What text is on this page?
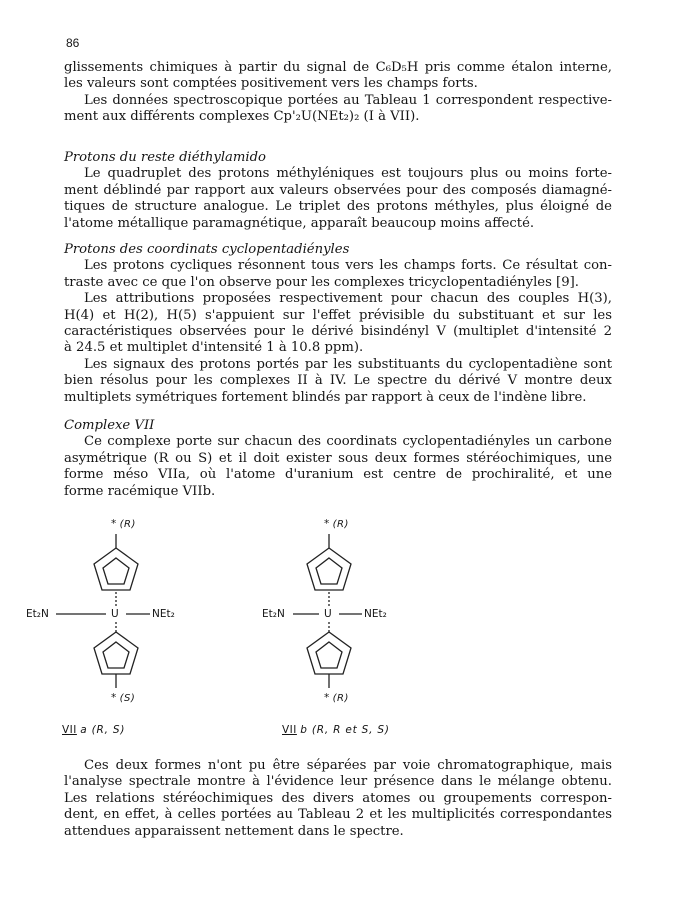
86
glissements chimiques à partir du signal de C₆D₅H pris comme étalon interne,
les valeurs sont comptées positivement vers les champs forts.
Les données spectroscopique portées au Tableau 1 correspondent respective-
ment aux différents complexes Cp'₂U(NEt₂)₂ (I à VII).
Protons du reste diéthylamido
Le quadruplet des protons méthyléniques est toujours plus ou moins forte-
ment déblindé par rapport aux valeurs observées pour des composés diamagné-
tiques de structure analogue. Le triplet des protons méthyles, plus éloigné de
l'atome métallique paramagnétique, apparaît beaucoup moins affecté.
Protons des coordinats cyclopentadiényles
Les protons cycliques résonnent tous vers les champs forts. Ce résultat con-
traste avec ce que l'on observe pour les complexes tricyclopentadiényles [9].
Les attributions proposées respectivement pour chacun des couples H(3),
H(4) et H(2), H(5) s'appuient sur l'effet prévisible du substituant et sur les
caractéristiques observées pour le dérivé bisindényl V (multiplet d'intensité 2
à 24.5 et multiplet d'intensité 1 à 10.8 ppm).
Les signaux des protons portés par les substituants du cyclopentadiène sont
bien résolus pour les complexes II à IV. Le spectre du dérivé V montre deux
multiplets symétriques fortement blindés par rapport à ceux de l'indène libre.
Complexe VII
Ce complexe porte sur chacun des coordinats cyclopentadiényles un carbone
asymétrique (R ou S) et il doit exister sous deux formes stéréochimiques, une
forme méso VIIa, où l'atome d'uranium est centre de prochiralité, et une
forme racémique VIIb.
* (R)
Et₂N	U	NEt₂
* (S)
VII a (R, S)
* (R)
Et₂N	U	NEt₂
* (R)
VII b (R, R et S, S)
Ces deux formes n'ont pu être séparées par voie chromatographique, mais
l'analyse spectrale montre à l'évidence leur présence dans le mélange obtenu.
Les relations stéréochimiques des divers atomes ou groupements correspon-
dent, en effet, à celles portées au Tableau 2 et les multiplicités correspondantes
attendues apparaissent nettement dans le spectre.
